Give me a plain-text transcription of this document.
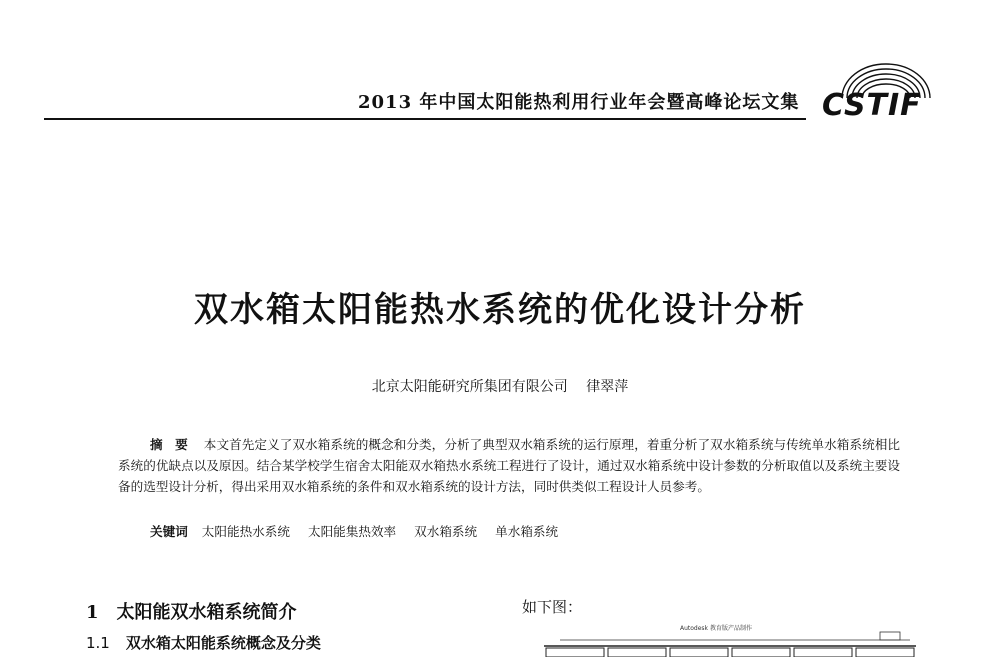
2013 年中国太阳能热利用行业年会暨高峰论坛文集 CSTIF
双水箱太阳能热水系统的优化设计分析
北京太阳能研究所集团有限公司 律翠萍
摘 要 本文首先定义了双水箱系统的概念和分类，分析了典型双水箱系统的运行原理，着重分析了双水箱系统与传统单水箱系统相比系统的优缺点以及原因。结合某学校学生宿舍太阳能双水箱热水系统工程进行了设计，通过双水箱系统中设计参数的分析取值以及系统主要设备的选型设计分析，得出采用双水箱系统的条件和双水箱系统的设计方法，同时供类似工程设计人员参考。
关键词 太阳能热水系统 太阳能集热效率 双水箱系统 单水箱系统
1 太阳能双水箱系统简介
1.1 双水箱太阳能系统概念及分类
如下图：
Autodesk 教育版产品制作
